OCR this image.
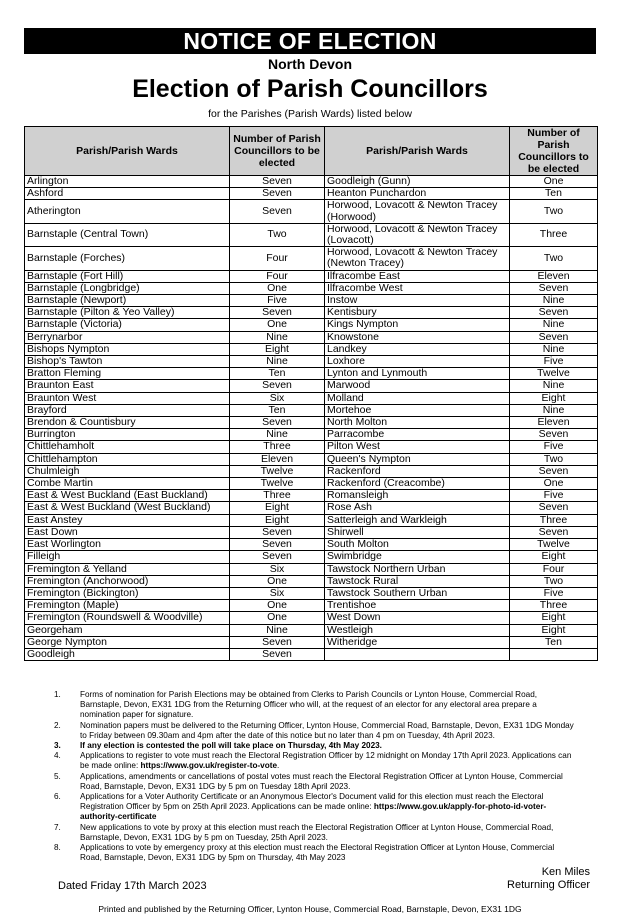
NOTICE OF ELECTION
North Devon
Election of Parish Councillors
for the Parishes (Parish Wards) listed below
Parish/Parish Wards	Number of Parish Councillors to be elected	Parish/Parish Wards	Number of Parish Councillors to be elected
Arlington	Seven	Goodleigh (Gunn)	One
Ashford	Seven	Heanton Punchardon	Ten
Atherington	Seven	Horwood, Lovacott & Newton Tracey (Horwood)	Two
Barnstaple (Central Town)	Two	Horwood, Lovacott & Newton Tracey (Lovacott)	Three
Barnstaple (Forches)	Four	Horwood, Lovacott & Newton Tracey (Newton Tracey)	Two
Barnstaple (Fort Hill)	Four	Ilfracombe East	Eleven
Barnstaple (Longbridge)	One	Ilfracombe West	Seven
Barnstaple (Newport)	Five	Instow	Nine
Barnstaple (Pilton & Yeo Valley)	Seven	Kentisbury	Seven
Barnstaple (Victoria)	One	Kings Nympton	Nine
Berrynarbor	Nine	Knowstone	Seven
Bishops Nympton	Eight	Landkey	Nine
Bishop's Tawton	Nine	Loxhore	Five
Bratton Fleming	Ten	Lynton and Lynmouth	Twelve
Braunton East	Seven	Marwood	Nine
Braunton West	Six	Molland	Eight
Brayford	Ten	Mortehoe	Nine
Brendon & Countisbury	Seven	North Molton	Eleven
Burrington	Nine	Parracombe	Seven
Chittlehamholt	Three	Pilton West	Five
Chittlehampton	Eleven	Queen's Nympton	Two
Chulmleigh	Twelve	Rackenford	Seven
Combe Martin	Twelve	Rackenford (Creacombe)	One
East & West Buckland (East Buckland)	Three	Romansleigh	Five
East & West Buckland (West Buckland)	Eight	Rose Ash	Seven
East Anstey	Eight	Satterleigh and Warkleigh	Three
East Down	Seven	Shirwell	Seven
East Worlington	Seven	South Molton	Twelve
Filleigh	Seven	Swimbridge	Eight
Fremington & Yelland	Six	Tawstock Northern Urban	Four
Fremington (Anchorwood)	One	Tawstock Rural	Two
Fremington (Bickington)	Six	Tawstock Southern Urban	Five
Fremington (Maple)	One	Trentishoe	Three
Fremington (Roundswell & Woodville)	One	West Down	Eight
Georgeham	Nine	Westleigh	Eight
George Nympton	Seven	Witheridge	Ten
Goodleigh	Seven		
1. Forms of nomination for Parish Elections may be obtained from Clerks to Parish Councils or Lynton House, Commercial Road, Barnstaple, Devon, EX31 1DG from the Returning Officer who will, at the request of an elector for any electoral area prepare a nomination paper for signature.
2. Nomination papers must be delivered to the Returning Officer, Lynton House, Commercial Road, Barnstaple, Devon, EX31 1DG Monday to Friday between 09.30am and 4pm after the date of this notice but no later than 4 pm on Tuesday, 4th April 2023.
3. If any election is contested the poll will take place on Thursday, 4th May 2023.
4. Applications to register to vote must reach the Electoral Registration Officer by 12 midnight on Monday 17th April 2023. Applications can be made online: https://www.gov.uk/register-to-vote.
5. Applications, amendments or cancellations of postal votes must reach the Electoral Registration Officer at Lynton House, Commercial Road, Barnstaple, Devon, EX31 1DG by 5 pm on Tuesday 18th April 2023.
6. Applications for a Voter Authority Certificate or an Anonymous Elector's Document valid for this election must reach the Electoral Registration Officer by 5pm on 25th April 2023. Applications can be made online: https://www.gov.uk/apply-for-photo-id-voter-authority-certificate
7. New applications to vote by proxy at this election must reach the Electoral Registration Officer at Lynton House, Commercial Road, Barnstaple, Devon, EX31 1DG by 5 pm on Tuesday, 25th April 2023.
8. Applications to vote by emergency proxy at this election must reach the Electoral Registration Officer at Lynton House, Commercial Road, Barnstaple, Devon, EX31 1DG by 5pm on Thursday, 4th May 2023
Ken Miles
Returning Officer
Dated Friday 17th March 2023
Printed and published by the Returning Officer, Lynton House, Commercial Road, Barnstaple, Devon, EX31 1DG
